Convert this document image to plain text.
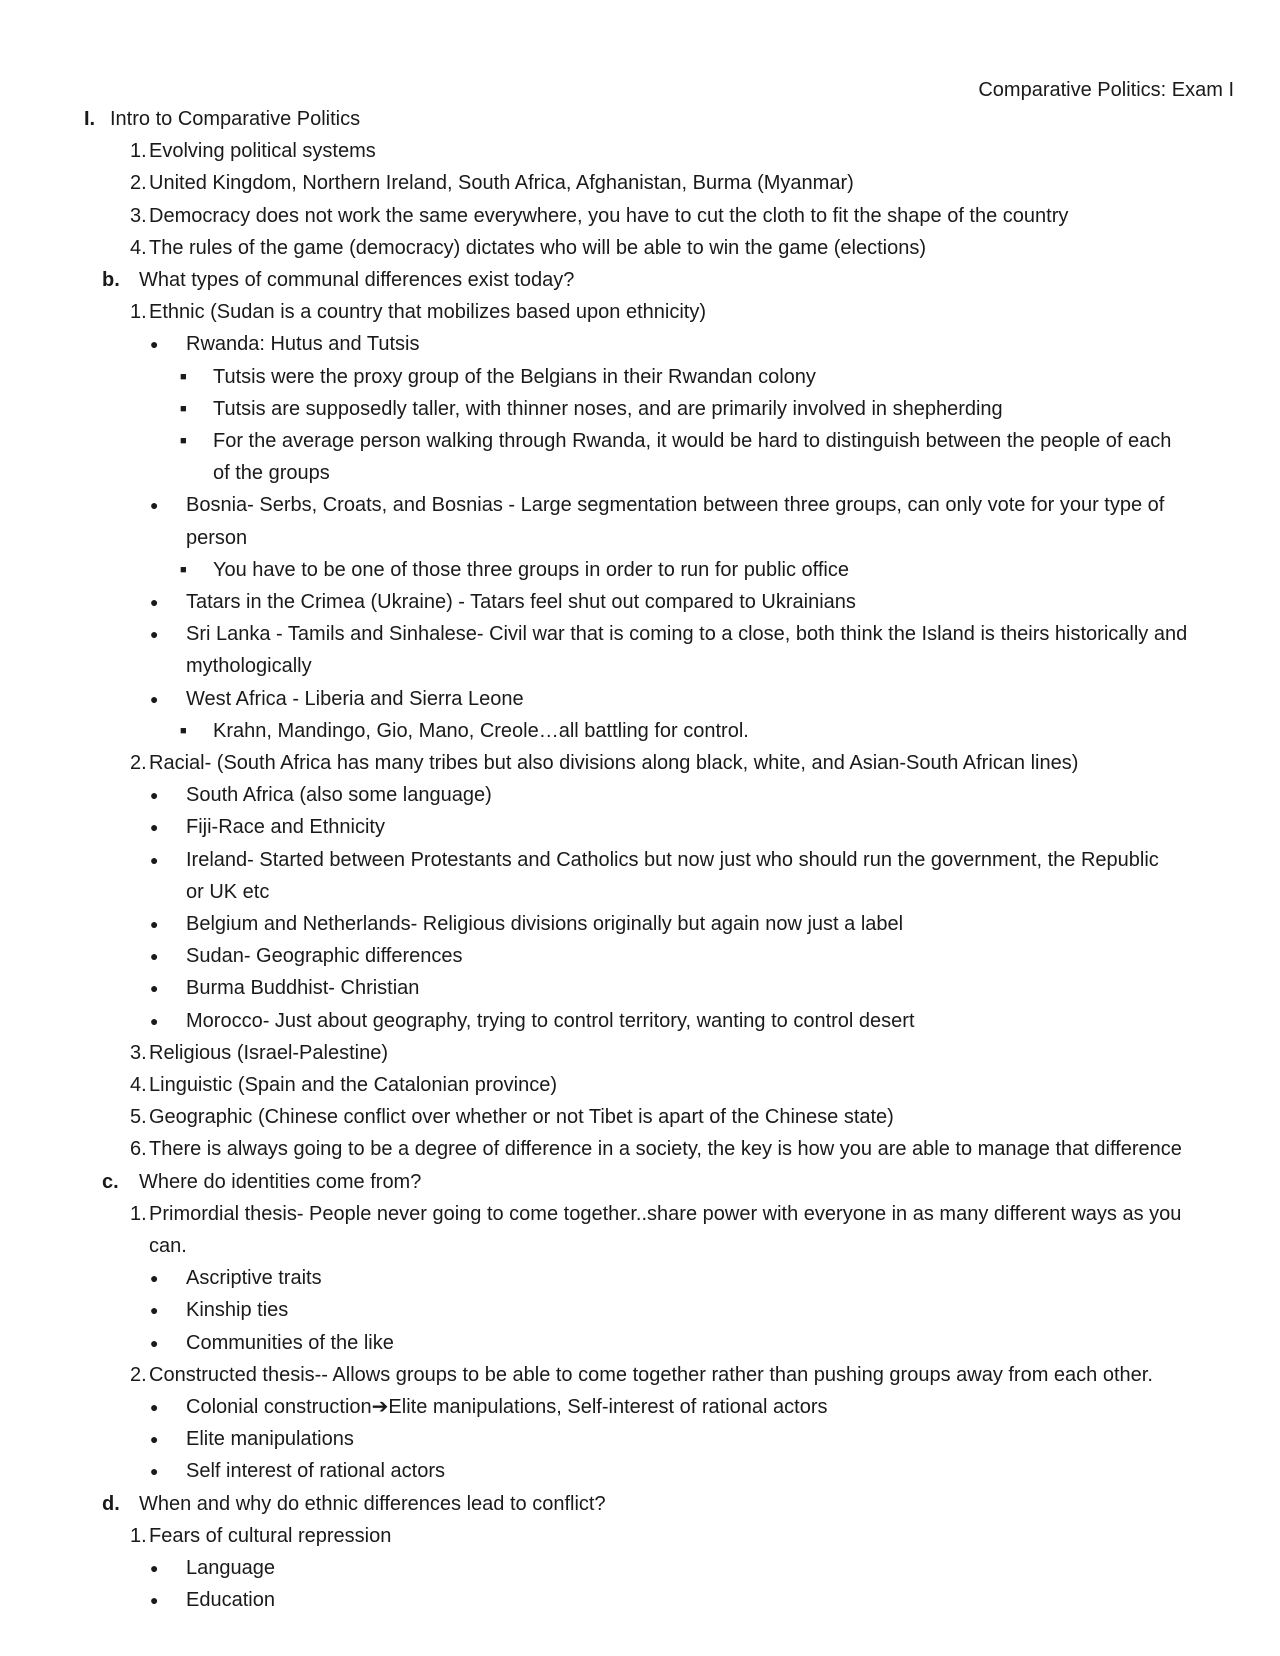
Comparative Politics: Exam I
I. Intro to Comparative Politics
1. Evolving political systems
2. United Kingdom, Northern Ireland, South Africa, Afghanistan, Burma (Myanmar)
3. Democracy does not work the same everywhere, you have to cut the cloth to fit the shape of the country
4. The rules of the game (democracy) dictates who will be able to win the game (elections)
b. What types of communal differences exist today?
1. Ethnic (Sudan is a country that mobilizes based upon ethnicity)
● Rwanda: Hutus and Tutsis
■ Tutsis were the proxy group of the Belgians in their Rwandan colony
■ Tutsis are supposedly taller, with thinner noses, and are primarily involved in shepherding
■ For the average person walking through Rwanda, it would be hard to distinguish between the people of each
of the groups
● Bosnia- Serbs, Croats, and Bosnias - Large segmentation between three groups, can only vote for your type of
person
■ You have to be one of those three groups in order to run for public office
● Tatars in the Crimea (Ukraine) - Tatars feel shut out compared to Ukrainians
● Sri Lanka - Tamils and Sinhalese- Civil war that is coming to a close, both think the Island is theirs historically and
mythologically
● West Africa - Liberia and Sierra Leone
■ Krahn, Mandingo, Gio, Mano, Creole…all battling for control.
2. Racial- (South Africa has many tribes but also divisions along black, white, and Asian-South African lines)
● South Africa (also some language)
● Fiji-Race and Ethnicity
● Ireland- Started between Protestants and Catholics but now just who should run the government, the Republic
or UK etc
● Belgium and Netherlands- Religious divisions originally but again now just a label
● Sudan- Geographic differences
● Burma Buddhist- Christian
● Morocco- Just about geography, trying to control territory, wanting to control desert
3. Religious (Israel-Palestine)
4. Linguistic (Spain and the Catalonian province)
5. Geographic (Chinese conflict over whether or not Tibet is apart of the Chinese state)
6. There is always going to be a degree of difference in a society, the key is how you are able to manage that difference
c. Where do identities come from?
1. Primordial thesis- People never going to come together..share power with everyone in as many different ways as you
can.
● Ascriptive traits
● Kinship ties
● Communities of the like
2. Constructed thesis-- Allows groups to be able to come together rather than pushing groups away from each other.
● Colonial construction➔Elite manipulations, Self-interest of rational actors
● Elite manipulations
● Self interest of rational actors
d. When and why do ethnic differences lead to conflict?
1. Fears of cultural repression
● Language
● Education
